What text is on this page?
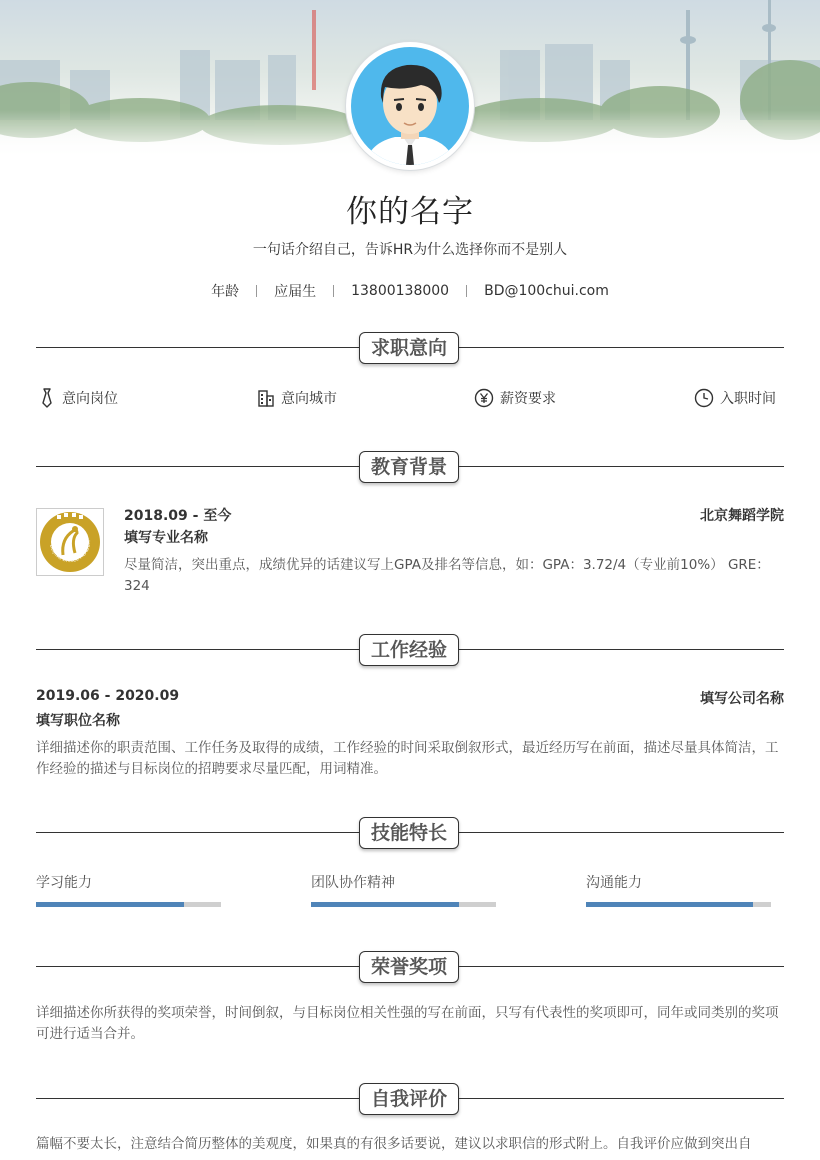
你的名字
一句话介绍自己，告诉HR为什么选择你而不是别人
年龄	应届生	13800138000	BD@100chui.com
求职意向
意向岗位	意向城市	薪资要求	入职时间
教育背景
BEIJING DANCE ACADEM
2018.09 - 至今	北京舞蹈学院
填写专业名称
尽量简洁，突出重点，成绩优异的话建议写上GPA及排名等信息，如：GPA：3.72/4（专业前10%） GRE：324
工作经验
2019.06 - 2020.09	填写公司名称
填写职位名称
详细描述你的职责范围、工作任务及取得的成绩，工作经验的时间采取倒叙形式，最近经历写在前面，描述尽量具体简洁，工作经验的描述与目标岗位的招聘要求尽量匹配，用词精准。
技能特长
学习能力	团队协作精神	沟通能力
荣誉奖项
详细描述你所获得的奖项荣誉，时间倒叙，与目标岗位相关性强的写在前面，只写有代表性的奖项即可，同年或同类别的奖项可进行适当合并。
自我评价
篇幅不要太长，注意结合简历整体的美观度，如果真的有很多话要说，建议以求职信的形式附上。自我评价应做到突出自
